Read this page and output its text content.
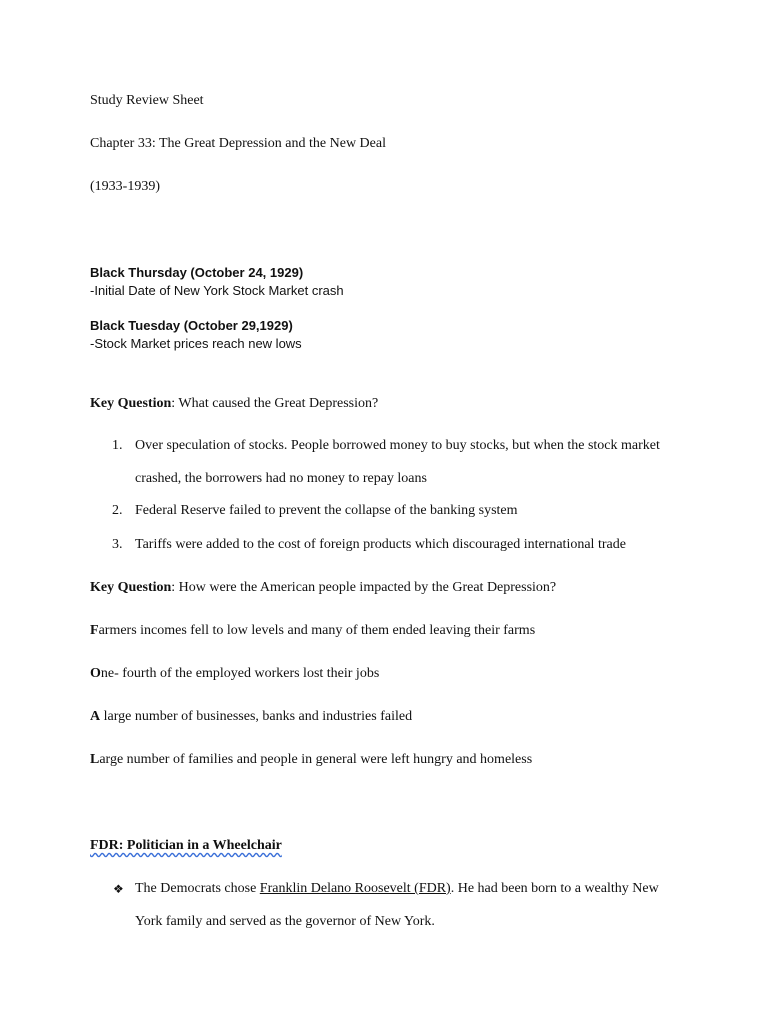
Study Review Sheet
Chapter 33: The Great Depression and the New Deal
(1933-1939)
Black Thursday (October 24, 1929)
-Initial Date of New York Stock Market crash
Black Tuesday (October 29,1929)
-Stock Market prices reach new lows
Key Question: What caused the Great Depression?
1. Over speculation of stocks. People borrowed money to buy stocks, but when the stock market
crashed, the borrowers had no money to repay loans
2. Federal Reserve failed to prevent the collapse of the banking system
3. Tariffs were added to the cost of foreign products which discouraged international trade
Key Question: How were the American people impacted by the Great Depression?
Farmers incomes fell to low levels and many of them ended leaving their farms
One- fourth of the employed workers lost their jobs
A large number of businesses, banks and industries failed
Large number of families and people in general were left hungry and homeless
FDR: Politician in a Wheelchair
❖ The Democrats chose Franklin Delano Roosevelt (FDR). He had been born to a wealthy New
York family and served as the governor of New York.
